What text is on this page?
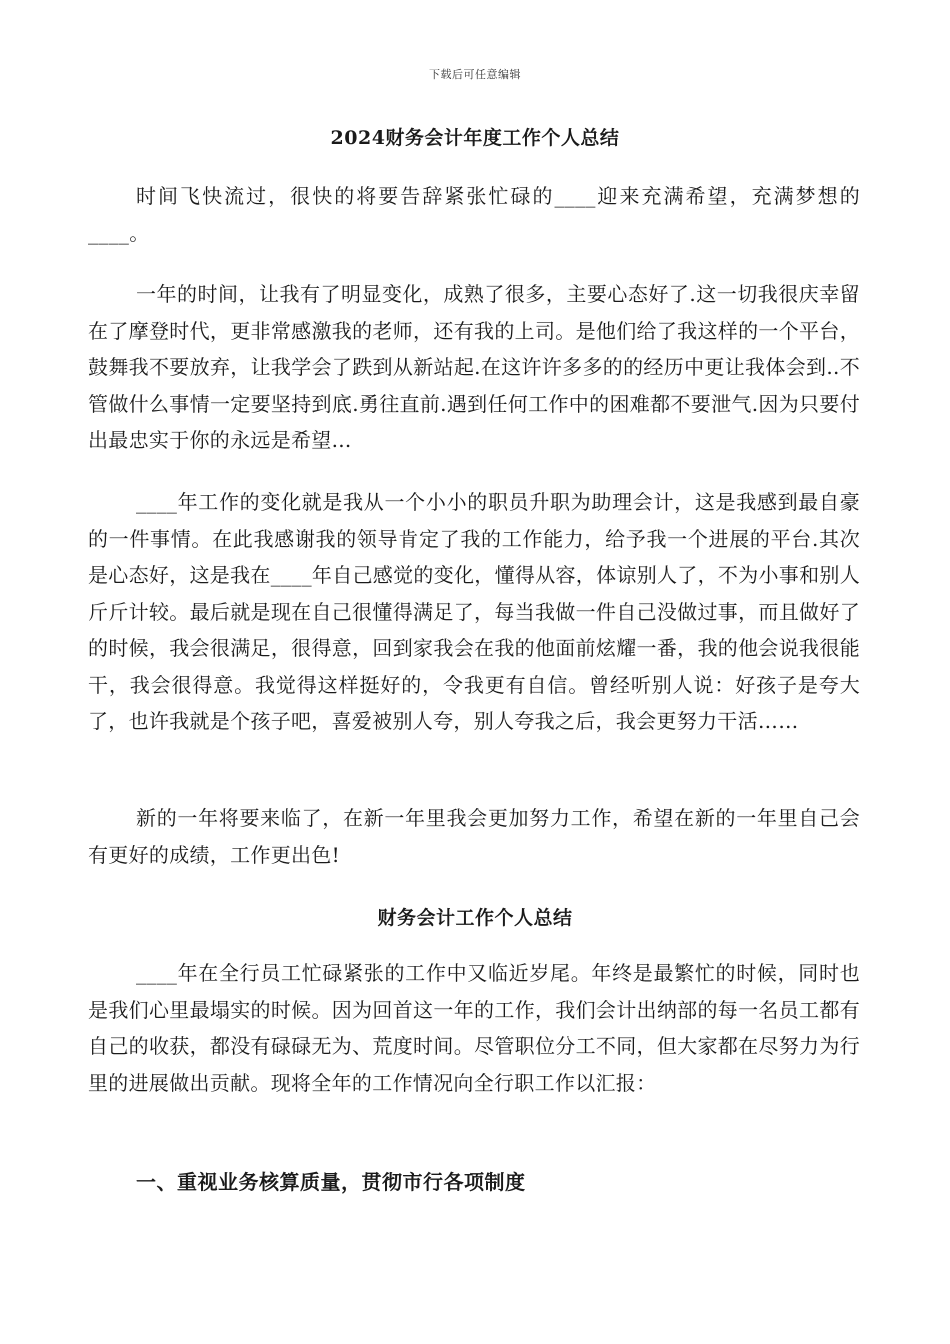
下载后可任意编辑
2024财务会计年度工作个人总结

时间飞快流过，很快的将要告辞紧张忙碌的____迎来充满希望，充满梦想的____。

一年的时间，让我有了明显变化，成熟了很多，主要心态好了.这一切我很庆幸留在了摩登时代，更非常感激我的老师，还有我的上司。是他们给了我这样的一个平台，鼓舞我不要放弃，让我学会了跌到从新站起.在这许许多多的的经历中更让我体会到..不管做什么事情一定要坚持到底.勇往直前.遇到任何工作中的困难都不要泄气.因为只要付出最忠实于你的永远是希望...

____年工作的变化就是我从一个小小的职员升职为助理会计，这是我感到最自豪的一件事情。在此我感谢我的领导肯定了我的工作能力，给予我一个进展的平台.其次是心态好，这是我在____年自己感觉的变化，懂得从容，体谅别人了，不为小事和别人斤斤计较。最后就是现在自己很懂得满足了，每当我做一件自己没做过事，而且做好了的时候，我会很满足，很得意，回到家我会在我的他面前炫耀一番，我的他会说我很能干，我会很得意。我觉得这样挺好的，令我更有自信。曾经听别人说：好孩子是夸大了，也许我就是个孩子吧，喜爱被别人夸，别人夸我之后，我会更努力干活……

新的一年将要来临了，在新一年里我会更加努力工作，希望在新的一年里自己会有更好的成绩，工作更出色!

财务会计工作个人总结

____年在全行员工忙碌紧张的工作中又临近岁尾。年终是最繁忙的时候，同时也是我们心里最塌实的时候。因为回首这一年的工作，我们会计出纳部的每一名员工都有自己的收获，都没有碌碌无为、荒度时间。尽管职位分工不同，但大家都在尽努力为行里的进展做出贡献。现将全年的工作情况向全行职工作以汇报：

一、重视业务核算质量，贯彻市行各项制度
